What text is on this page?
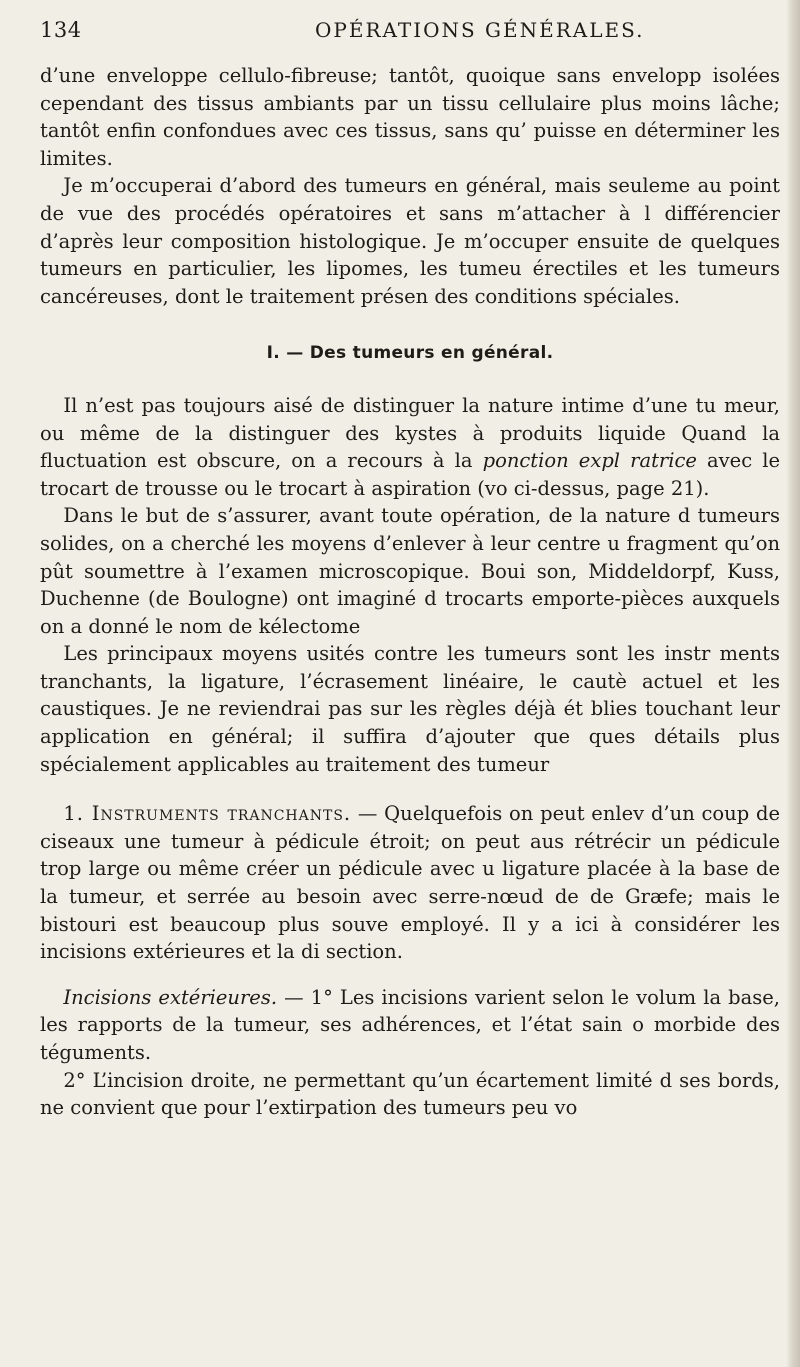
134	OPÉRATIONS GÉNÉRALES.

d’une enveloppe cellulo-fibreuse; tantôt, quoique sans envelopp isolées cependant des tissus ambiants par un tissu cellulaire plus moins lâche; tantôt enfin confondues avec ces tissus, sans qu’ puisse en déterminer les limites.

Je m’occuperai d’abord des tumeurs en général, mais seuleme au point de vue des procédés opératoires et sans m’attacher à l différencier d’après leur composition histologique. Je m’occuper ensuite de quelques tumeurs en particulier, les lipomes, les tumeu érectiles et les tumeurs cancéreuses, dont le traitement présen des conditions spéciales.

I. — Des tumeurs en général.

Il n’est pas toujours aisé de distinguer la nature intime d’une tu meur, ou même de la distinguer des kystes à produits liquide Quand la fluctuation est obscure, on a recours à la ponction expl ratrice avec le trocart de trousse ou le trocart à aspiration (vo ci-dessus, page 21).

Dans le but de s’assurer, avant toute opération, de la nature d tumeurs solides, on a cherché les moyens d’enlever à leur centre u fragment qu’on pût soumettre à l’examen microscopique. Boui son, Middeldorpf, Kuss, Duchenne (de Boulogne) ont imaginé d trocarts emporte-pièces auxquels on a donné le nom de kélectome

Les principaux moyens usités contre les tumeurs sont les instr ments tranchants, la ligature, l’écrasement linéaire, le cautè actuel et les caustiques. Je ne reviendrai pas sur les règles déjà ét blies touchant leur application en général; il suffira d’ajouter que ques détails plus spécialement applicables au traitement des tumeur

1. Instruments tranchants. — Quelquefois on peut enlev d’un coup de ciseaux une tumeur à pédicule étroit; on peut aus rétrécir un pédicule trop large ou même créer un pédicule avec u ligature placée à la base de la tumeur, et serrée au besoin avec serre-nœud de de Græfe; mais le bistouri est beaucoup plus souve employé. Il y a ici à considérer les incisions extérieures et la di section.

Incisions extérieures. — 1° Les incisions varient selon le volum la base, les rapports de la tumeur, ses adhérences, et l’état sain o morbide des téguments.

2° L’incision droite, ne permettant qu’un écartement limité d ses bords, ne convient que pour l’extirpation des tumeurs peu vo
